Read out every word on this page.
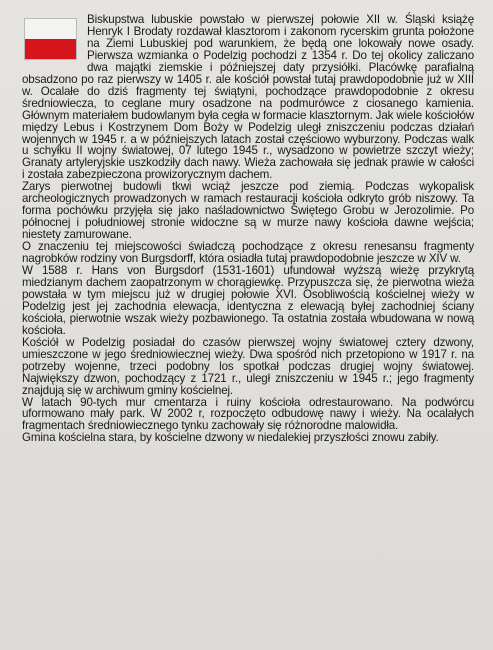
Biskupstwa lubuskie powstało w pierwszej połowie XII w. Śląski książę Henryk I Brodaty rozdawał klasztorom i zakonom rycerskim grunta położone na Ziemi Lubuskiej pod warunkiem, że będą one lokowały nowe osady. Pierwsza wzmianka o Podelzig pochodzi z 1354 r. Do tej okolicy zaliczano dwa majątki ziemskie i późniejszej daty przysiółki. Placówkę parafialną obsadzono po raz pierwszy w 1405 r. ale kościół powstał tutaj prawdopodobnie już w XIII w. Ocalałe do dziś fragmenty tej świątyni, pochodzące prawdopodobnie z okresu średniowiecza, to ceglane mury osadzone na podmurówce z ciosanego kamienia. Głównym materiałem budowlanym była cegła w formacie klasztornym. Jak wiele kościołów między Lebus i Kostrzynem Dom Boży w Podelzig uległ zniszczeniu podczas działań wojennych w 1945 r. a w późniejszych latach został częściowo wyburzony. Podczas walk u schyłku II wojny światowej, 07 lutego 1945 r., wysadzono w powietrze szczyt wieży; Granaty artyleryjskie uszkodziły dach nawy. Wieża zachowała się jednak prawie w całości i została zabezpieczona prowizorycznym dachem.

Zarys pierwotnej budowli tkwi wciąż jeszcze pod ziemią. Podczas wykopalisk archeologicznych prowadzonych w ramach restauracji kościoła odkryto grób niszowy. Ta forma pochówku przyjęła się jako naśladownictwo Świętego Grobu w Jerozolimie. Po północnej i południowej stronie widoczne są w murze nawy kościoła dawne wejścia; niestety zamurowane.

O znaczeniu tej miejscowości świadczą pochodzące z okresu renesansu fragmenty nagrobków rodziny von Burgsdorff, która osiadła tutaj prawdopodobnie jeszcze w XIV w.

W 1588 r. Hans von Burgsdorf (1531-1601) ufundował wyższą wieżę przykrytą miedzianym dachem zaopatrzonym w chorągiewkę. Przypuszcza się, że pierwotna wieża powstała w tym miejscu już w drugiej połowie XVI. Osobliwością kościelnej wieży w Podelzig jest jej zachodnia elewacja, identyczna z elewacją byłej zachodniej ściany kościoła, pierwotnie wszak wieży pozbawionego. Ta ostatnia została wbudowana w nową kościoła.

Kościół w Podelzig posiadał do czasów pierwszej wojny światowej cztery dzwony, umieszczone w jego średniowiecznej wieży. Dwa spośród nich przetopiono w 1917 r. na potrzeby wojenne, trzeci podobny los spotkał podczas drugiej wojny światowej. Największy dzwon, pochodzący z 1721 r., uległ zniszczeniu w 1945 r.; jego fragmenty znajdują się w archiwum gminy kościelnej.

W latach 90-tych mur cmentarza i ruiny kościoła odrestaurowano. Na podwórcu uformowano mały park. W 2002 r, rozpoczęto odbudowę nawy i wieży. Na ocalałych fragmentach średniowiecznego tynku zachowały się różnorodne malowidła.

Gmina kościelna stara, by kościelne dzwony w niedalekiej przyszłości znowu zabiły.
